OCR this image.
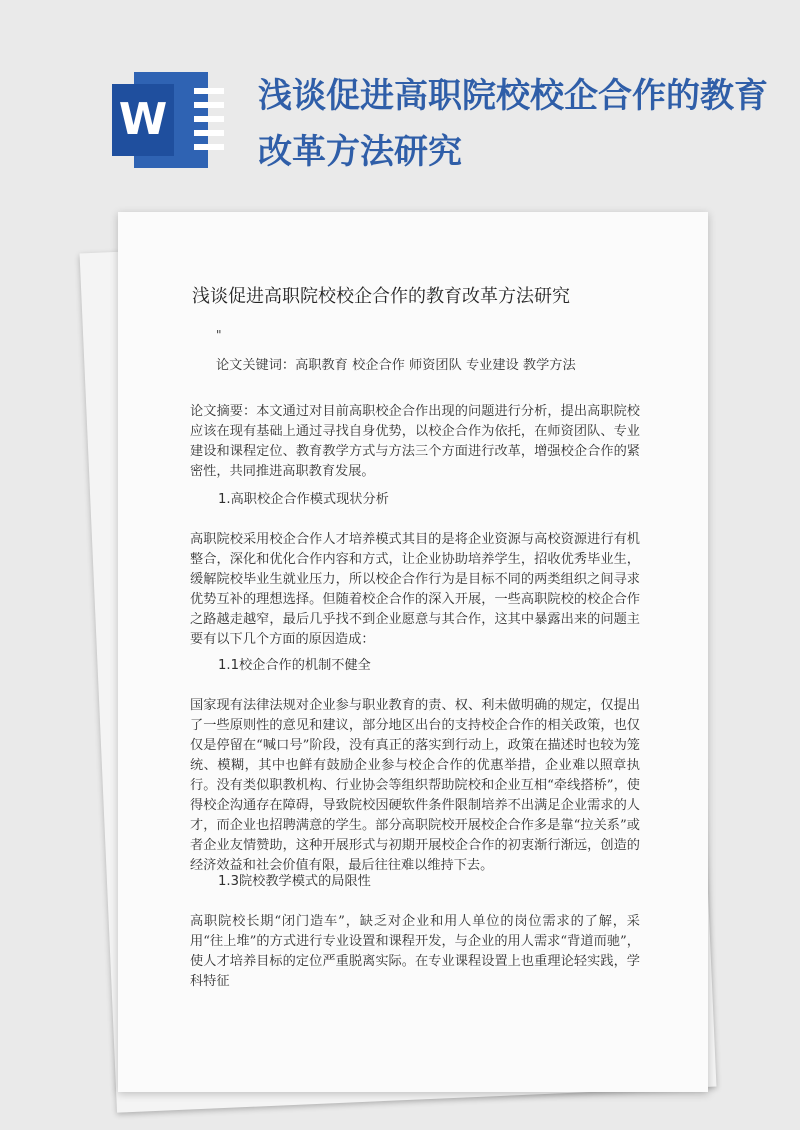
W	浅谈促进高职院校校企合作的教育改革方法研究
浅谈促进高职院校校企合作的教育改革方法研究
"

论文关键词：高职教育 校企合作 师资团队 专业建设 教学方法

论文摘要：本文通过对目前高职校企合作出现的问题进行分析，提出高职院校应该在现有基础上通过寻找自身优势，以校企合作为依托，在师资团队、专业建设和课程定位、教育教学方式与方法三个方面进行改革，增强校企合作的紧密性，共同推进高职教育发展。

1.高职校企合作模式现状分析

高职院校采用校企合作人才培养模式其目的是将企业资源与高校资源进行有机整合，深化和优化合作内容和方式，让企业协助培养学生，招收优秀毕业生，缓解院校毕业生就业压力，所以校企合作行为是目标不同的两类组织之间寻求优势互补的理想选择。但随着校企合作的深入开展，一些高职院校的校企合作之路越走越窄，最后几乎找不到企业愿意与其合作，这其中暴露出来的问题主要有以下几个方面的原因造成：

1.1校企合作的机制不健全

国家现有法律法规对企业参与职业教育的责、权、利未做明确的规定，仅提出了一些原则性的意见和建议，部分地区出台的支持校企合作的相关政策，也仅仅是停留在“喊口号”阶段，没有真正的落实到行动上，政策在描述时也较为笼统、模糊，其中也鲜有鼓励企业参与校企合作的优惠举措，企业难以照章执行。没有类似职教机构、行业协会等组织帮助院校和企业互相“牵线搭桥”，使得校企沟通存在障碍，导致院校因硬软件条件限制培养不出满足企业需求的人才，而企业也招聘满意的学生。部分高职院校开展校企合作多是靠“拉关系”或者企业友情赞助，这种开展形式与初期开展校企合作的初衷渐行渐远，创造的经济效益和社会价值有限，最后往往难以维持下去。

1.3院校教学模式的局限性

高职院校长期“闭门造车”，缺乏对企业和用人单位的岗位需求的了解，采用“往上堆”的方式进行专业设置和课程开发，与企业的用人需求“背道而驰”，使人才培养目标的定位严重脱离实际。在专业课程设置上也重理论轻实践，学科特征
